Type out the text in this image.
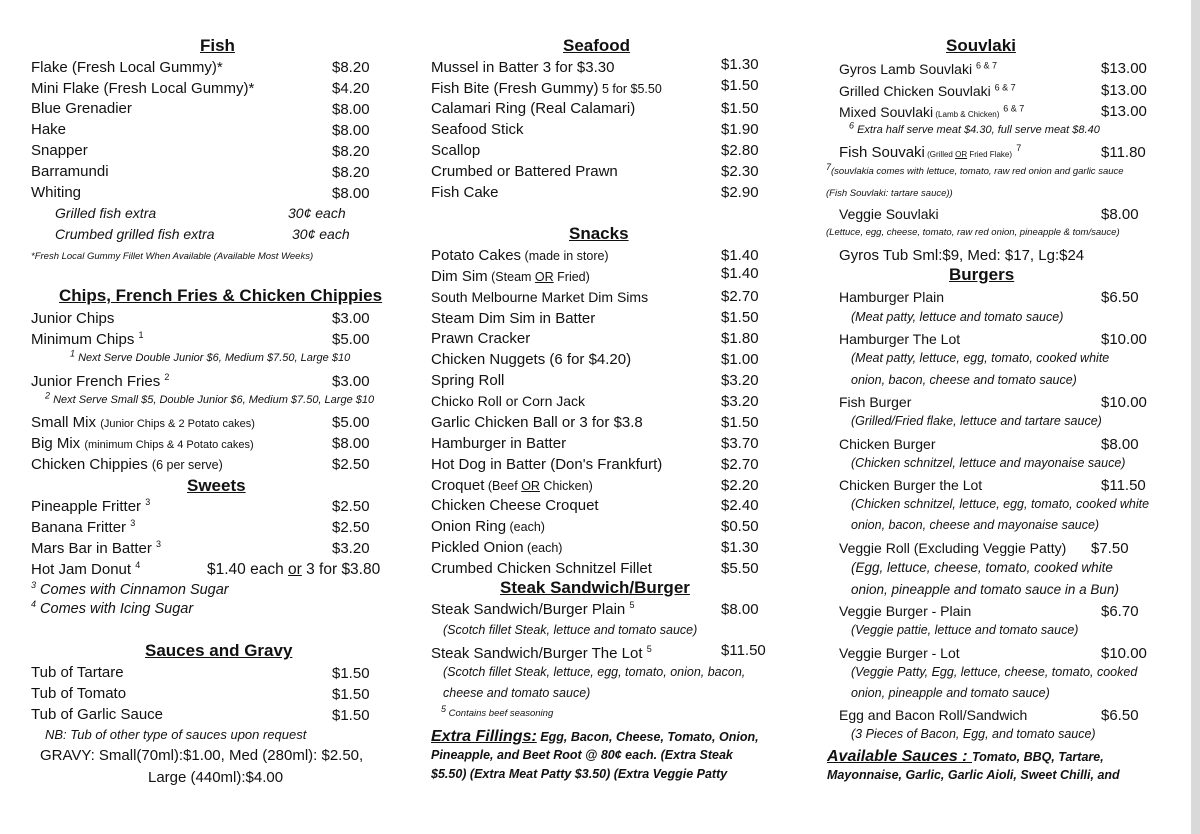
Fish
Flake (Fresh Local Gummy)*	$8.20
Mini Flake (Fresh Local Gummy)*	$4.20
Blue Grenadier	$8.00
Hake	$8.00
Snapper	$8.20
Barramundi	$8.20
Whiting	$8.00
Grilled fish extra	30¢ each
Crumbed grilled fish extra	30¢ each
*Fresh Local Gummy Fillet When Available (Available Most Weeks)
Chips, French Fries & Chicken Chippies
Junior Chips	$3.00
Minimum Chips $^1$	$5.00
$^1$ Next Serve Double Junior $6, Medium $7.50, Large $10
Junior French Fries $^2$	$3.00
$^2$ Next Serve Small $5, Double Junior $6, Medium $7.50, Large $10
Small Mix (Junior Chips & 2 Potato cakes)	$5.00
Big Mix (minimum Chips & 4 Potato cakes)	$8.00
Chicken Chippies (6 per serve)	$2.50
Sweets
Pineapple Fritter $^3$	$2.50
Banana Fritter $^3$	$2.50
Mars Bar in Batter $^3$	$3.20
Hot Jam Donut $^4$	$1.40 each or 3 for $3.80
$^3$ Comes with Cinnamon Sugar
$^4$ Comes with Icing Sugar
Sauces and Gravy
Tub of Tartare	$1.50
Tub of Tomato	$1.50
Tub of Garlic Sauce	$1.50
NB: Tub of other type of sauces upon request
GRAVY: Small(70ml):$1.00, Med (280ml): $2.50,
Large (440ml):$4.00
Seafood
Mussel in Batter 3 for $3.30	$1.30
Fish Bite (Fresh Gummy) 5 for $5.50	$1.50
Calamari Ring (Real Calamari)	$1.50
Seafood Stick	$1.90
Scallop	$2.80
Crumbed or Battered Prawn	$2.30
Fish Cake	$2.90
Snacks
Potato Cakes (made in store)	$1.40
Dim Sim (Steam OR Fried)	$1.40
South Melbourne Market Dim Sims	$2.70
Steam Dim Sim in Batter	$1.50
Prawn Cracker	$1.80
Chicken Nuggets (6 for $4.20)	$1.00
Spring Roll	$3.20
Chicko Roll or Corn Jack	$3.20
Garlic Chicken Ball or 3 for $3.8	$1.50
Hamburger in Batter	$3.70
Hot Dog in Batter (Don's Frankfurt)	$2.70
Croquet (Beef OR Chicken)	$2.20
Chicken Cheese Croquet	$2.40
Onion Ring (each)	$0.50
Pickled Onion (each)	$1.30
Crumbed Chicken Schnitzel Fillet	$5.50
Steak Sandwich/Burger
Steak Sandwich/Burger Plain $^5$	$8.00
(Scotch fillet Steak, lettuce and tomato sauce)
Steak Sandwich/Burger The Lot $^5$	$11.50
(Scotch fillet Steak, lettuce, egg, tomato, onion, bacon,
cheese and tomato sauce)
$^5$ Contains beef seasoning
Extra Fillings: Egg, Bacon, Cheese, Tomato, Onion,
Pineapple, and Beet Root @ 80¢ each. (Extra Steak
$5.50) (Extra Meat Patty $3.50) (Extra Veggie Patty
Souvlaki
Gyros Lamb Souvlaki $^{6 \& 7}$	$13.00
Grilled Chicken Souvlaki $^{6 \& 7}$	$13.00
Mixed Souvlaki (Lamb & Chicken) $^{6 \& 7}$	$13.00
$^6$ Extra half serve meat $4.30, full serve meat $8.40
Fish Souvaki (Grilled OR Fried Flake) $^7$	$11.80
$^7$(souvlakia comes with lettuce, tomato, raw red onion and garlic sauce
(Fish Souvlaki: tartare sauce))
Veggie Souvlaki	$8.00
(Lettuce, egg, cheese, tomato, raw red onion, pineapple & tom/sauce)
Gyros Tub Sml:$9, Med: $17, Lg:$24
Burgers
Hamburger Plain	$6.50
(Meat patty, lettuce and tomato sauce)
Hamburger The Lot	$10.00
(Meat patty, lettuce, egg, tomato, cooked white
onion, bacon, cheese and tomato sauce)
Fish Burger	$10.00
(Grilled/Fried flake, lettuce and tartare sauce)
Chicken Burger	$8.00
(Chicken schnitzel, lettuce and mayonaise sauce)
Chicken Burger the Lot	$11.50
(Chicken schnitzel, lettuce, egg, tomato, cooked white
onion, bacon, cheese and mayonaise sauce)
Veggie Roll (Excluding Veggie Patty) $7.50
(Egg, lettuce, cheese, tomato, cooked white
onion, pineapple and tomato sauce in a Bun)
Veggie Burger - Plain	$6.70
(Veggie pattie, lettuce and tomato sauce)
Veggie Burger - Lot	$10.00
(Veggie Patty, Egg, lettuce, cheese, tomato, cooked
onion, pineapple and tomato sauce)
Egg and Bacon Roll/Sandwich	$6.50
(3 Pieces of Bacon, Egg, and tomato sauce)
Available Sauces : Tomato, BBQ, Tartare,
Mayonnaise, Garlic, Garlic Aioli, Sweet Chilli, and
